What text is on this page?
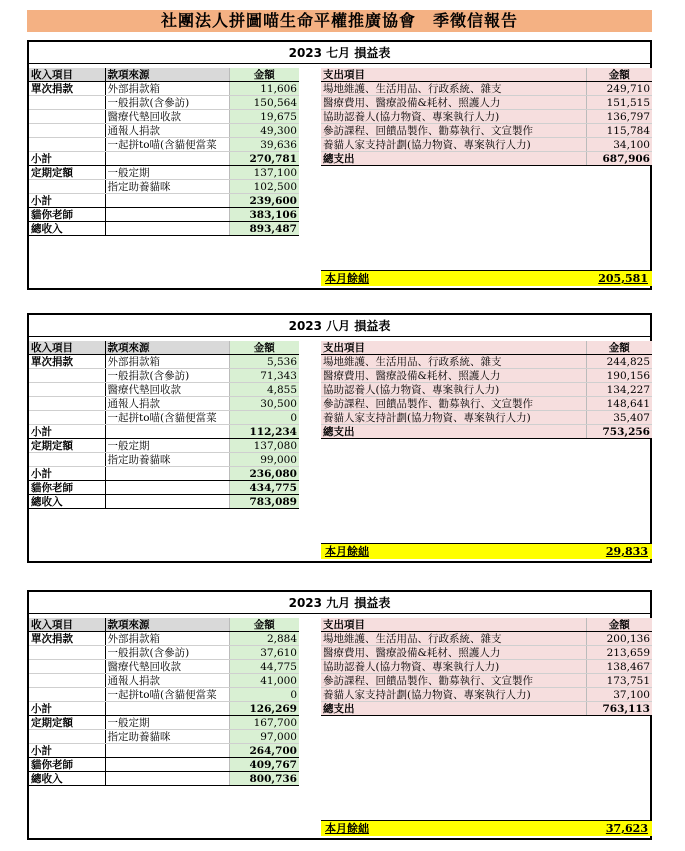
社團法人拼圖喵生命平權推廣協會　季徵信報告
2023 七月 損益表
收入項目	款項來源	金額
單次捐款	外部捐款箱	11,606
	一般捐款(含參訪)	150,564
	醫療代墊回收款	19,675
	通報人捐款	49,300
	一起拼to喵(含貓便當菜	39,636
小計		270,781
定期定額	一般定期	137,100
	指定助養貓咪	102,500
小計		239,600
貓你老師		383,106
總收入		893,487
支出項目	金額
場地維護、生活用品、行政系統、雜支	249,710
醫療費用、醫療設備&耗材、照護人力	151,515
協助認養人(協力物資、專案執行人力)	136,797
參訪課程、回饋品製作、勸募執行、文宣製作	115,784
養貓人家支持計劃(協力物資、專案執行人力)	34,100
總支出	687,906
本月餘絀	205,581
2023 八月 損益表
收入項目	款項來源	金額
單次捐款	外部捐款箱	5,536
	一般捐款(含參訪)	71,343
	醫療代墊回收款	4,855
	通報人捐款	30,500
	一起拼to喵(含貓便當菜	0
小計		112,234
定期定額	一般定期	137,080
	指定助養貓咪	99,000
小計		236,080
貓你老師		434,775
總收入		783,089
支出項目	金額
場地維護、生活用品、行政系統、雜支	244,825
醫療費用、醫療設備&耗材、照護人力	190,156
協助認養人(協力物資、專案執行人力)	134,227
參訪課程、回饋品製作、勸募執行、文宣製作	148,641
養貓人家支持計劃(協力物資、專案執行人力)	35,407
總支出	753,256
本月餘絀	29,833
2023 九月 損益表
收入項目	款項來源	金額
單次捐款	外部捐款箱	2,884
	一般捐款(含參訪)	37,610
	醫療代墊回收款	44,775
	通報人捐款	41,000
	一起拼to喵(含貓便當菜	0
小計		126,269
定期定額	一般定期	167,700
	指定助養貓咪	97,000
小計		264,700
貓你老師		409,767
總收入		800,736
支出項目	金額
場地維護、生活用品、行政系統、雜支	200,136
醫療費用、醫療設備&耗材、照護人力	213,659
協助認養人(協力物資、專案執行人力)	138,467
參訪課程、回饋品製作、勸募執行、文宣製作	173,751
養貓人家支持計劃(協力物資、專案執行人力)	37,100
總支出	763,113
本月餘絀	37,623
